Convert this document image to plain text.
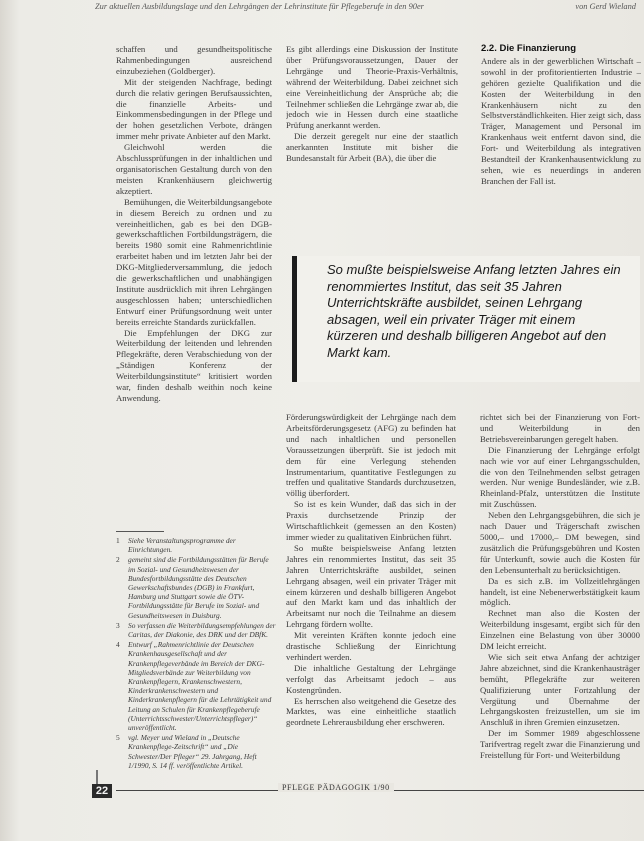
Zur aktuellen Ausbildungslage und den Lehrgängen der Lehrinstitute für Pflegeberufe in den 90er	von Gerd Wieland

schaffen und gesundheitspolitische Rahmenbedingungen ausreichend einzubeziehen (Goldberger).

Mit der steigenden Nachfrage, bedingt durch die relativ geringen Berufsaussichten, die finanzielle Arbeits- und Einkommensbedingungen in der Pflege und der hohen gesetzlichen Verbote, drängen immer mehr private Anbieter auf den Markt.

Gleichwohl werden die Abschlussprüfungen in der inhaltlichen und organisatorischen Gestaltung durch von den meisten Krankenhäusern gleichwertig akzeptiert.

Bemühungen, die Weiterbildungsangebote in diesem Bereich zu ordnen und zu vereinheitlichen, gab es bei den DGB-gewerkschaftlichen Fortbildungsträgern, die bereits 1980 somit eine Rahmenrichtlinie erarbeitet haben und im letzten Jahr bei der DKG-Mitgliederversammlung, die jedoch die gewerkschaftlichen und unabhängigen Institute ausdrücklich mit ihren Lehrgängen ausgeschlossen haben; unterschiedlichen Entwurf einer Prüfungsordnung weit unter bereits erreichte Standards zurückfallen.

Die Empfehlungen der DKG zur Weiterbildung der leitenden und lehrenden Pflegekräfte, deren Verabschiedung von der „Ständigen Konferenz der Weiterbildungsinstitute“ kritisiert worden war, finden deshalb weithin noch keine Anwendung.

Es gibt allerdings eine Diskussion der Institute über Prüfungsvoraussetzungen, Dauer der Lehrgänge und Theorie-Praxis-Verhältnis, während der Weiterbildung. Dabei zeichnet sich eine Vereinheitlichung der Ansprüche ab; die Teilnehmer schließen die Lehrgänge zwar ab, die jedoch wie in Hessen durch eine staatliche Prüfung anerkannt werden.

Die derzeit geregelt nur eine der staatlich anerkannten Institute mit bisher die Bundesanstalt für Arbeit (BA), die über die

2.2. Die Finanzierung

Andere als in der gewerblichen Wirtschaft – sowohl in der profitorientierten Industrie – gehören gezielte Qualifikation und die Kosten der Weiterbildung in den Krankenhäusern nicht zu den Selbstverständlichkeiten. Hier zeigt sich, dass Träger, Management und Personal im Krankenhaus weit entfernt davon sind, die Fort- und Weiterbildung als integrativen Bestandteil der Krankenhausentwicklung zu sehen, wie es neuerdings in anderen Branchen der Fall ist.

So mußte beispielsweise Anfang letzten Jahres ein renommiertes Institut, das seit 35 Jahren Unterrichtskräfte ausbildet, seinen Lehrgang absagen, weil ein privater Träger mit einem kürzeren und deshalb billigeren Angebot auf den Markt kam.

Förderungswürdigkeit der Lehrgänge nach dem Arbeitsförderungsgesetz (AFG) zu befinden hat und nach inhaltlichen und personellen Voraussetzungen überprüft. Sie ist jedoch mit dem für eine Verlegung stehenden Instrumentarium, quantitative Festlegungen zu treffen und qualitative Standards durchzusetzen, völlig überfordert.

So ist es kein Wunder, daß das sich in der Praxis durchsetzende Prinzip der Wirtschaftlichkeit (gemessen an den Kosten) immer wieder zu qualitativen Einbrüchen führt.

So mußte beispielsweise Anfang letzten Jahres ein renommiertes Institut, das seit 35 Jahren Unterrichtskräfte ausbildet, seinen Lehrgang absagen, weil ein privater Träger mit einem kürzeren und deshalb billigeren Angebot auf den Markt kam und das inhaltlich der Arbeitsamt nur noch die Teilnahme an diesem Lehrgang fördern wollte.

Mit vereinten Kräften konnte jedoch eine drastische Schließung der Einrichtung verhindert werden.

Die inhaltliche Gestaltung der Lehrgänge verfolgt das Arbeitsamt jedoch – aus Kostengründen.

Es herrschen also weitgehend die Gesetze des Marktes, was eine einheitliche staatlich geordnete Lehrerausbildung eher erschweren.

richtet sich bei der Finanzierung von Fort- und Weiterbildung in den Betriebsvereinbarungen geregelt haben.

Die Finanzierung der Lehrgänge erfolgt nach wie vor auf einer Lehrgangsschulden, die von den Teilnehmenden selbst getragen werden. Nur wenige Bundesländer, wie z.B. Rheinland-Pfalz, unterstützen die Institute mit Zuschüssen.

Neben den Lehrgangsgebühren, die sich je nach Dauer und Trägerschaft zwischen 5000,– und 17000,– DM bewegen, sind zusätzlich die Prüfungsgebühren und Kosten für Unterkunft, sowie auch die Kosten für den Lebensunterhalt zu berücksichtigen.

Da es sich z.B. im Vollzeitlehrgängen handelt, ist eine Nebenerwerbstätigkeit kaum möglich.

Rechnet man also die Kosten der Weiterbildung insgesamt, ergibt sich für den Einzelnen eine Belastung von über 30000 DM leicht erreicht.

Wie sich seit etwa Anfang der achtziger Jahre abzeichnet, sind die Krankenhausträger bemüht, Pflegekräfte zur weiteren Qualifizierung unter Fortzahlung der Vergütung und Übernahme der Lehrgangskosten freizustellen, um sie im Anschluß in ihren Gremien einzusetzen.

Der im Sommer 1989 abgeschlossene Tarifvertrag regelt zwar die Finanzierung und Freistellung für Fort- und Weiterbildung

1	Siehe Veranstaltungsprogramme der Einrichtungen.
2	gemeint sind die Fortbildungsstätten für Berufe im Sozial- und Gesundheitswesen der Bundesfortbildungsstätte des Deutschen Gewerkschaftsbundes (DGB) in Frankfurt, Hamburg und Stuttgart sowie die ÖTV-Fortbildungsstätte für Berufe im Sozial- und Gesundheitswesen in Duisburg.
3	So verfassen die Weiterbildungsempfehlungen der Caritas, der Diakonie, des DRK und der DBfK.
4	Entwurf „Rahmenrichtlinie der Deutschen Krankenhausgesellschaft und der Krankenpflegeverbände im Bereich der DKG-Mitgliedsverbände zur Weiterbildung von Krankenpflegern, Krankenschwestern, Kinderkrankenschwestern und Kinderkrankenpflegern für die Lehrtätigkeit und Leitung an Schulen für Krankenpflegeberufe (Unterrichtsschwester/Unterrichtspfleger)“ unveröffentlicht.
5	vgl. Meyer und Wieland in „Deutsche Krankenpflege-Zeitschrift“ und „Die Schwester/Der Pfleger“ 29. Jahrgang, Heft 1/1990, S. 14 ff. veröffentlichte Artikel.
22	PFLEGE PÄDAGOGIK 1/90
